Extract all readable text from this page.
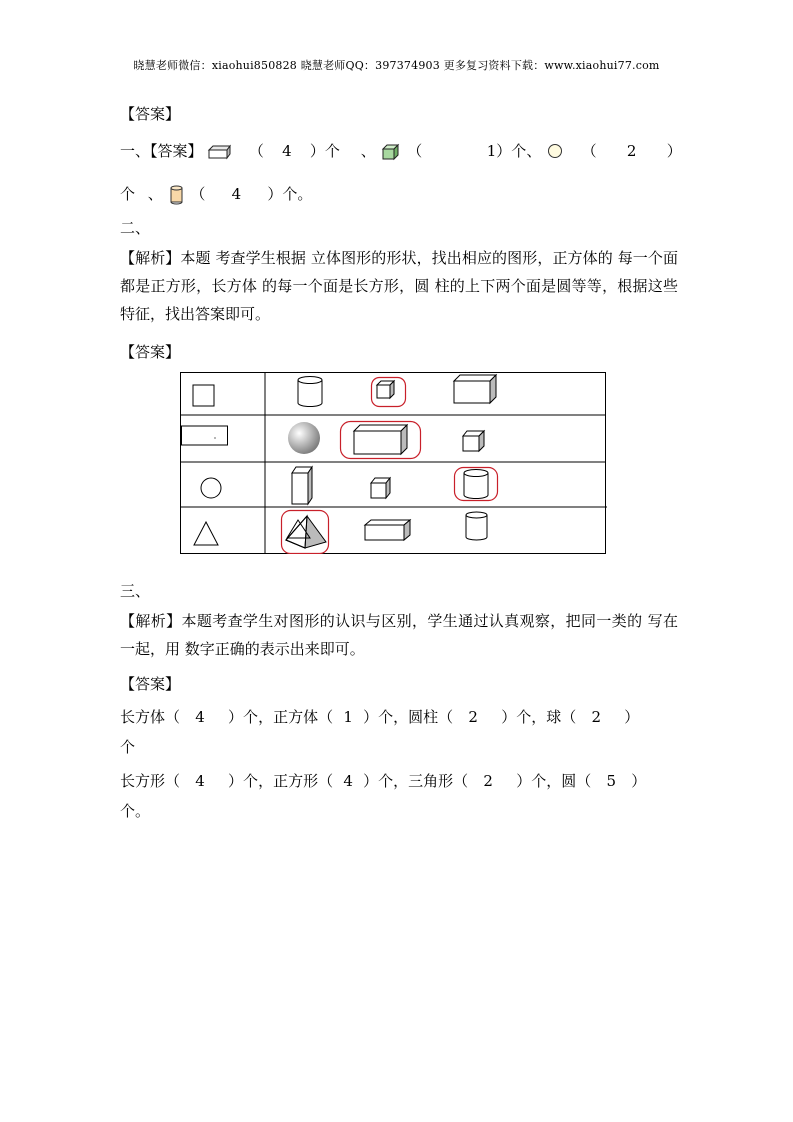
晓慧老师微信：xiaohui850828 晓慧老师QQ：397374903 更多复习资料下载：www.xiaohui77.com
【答案】
一、【答案】	（ 4 ）个 、 （	1）个、	（ 2 ）
个 、 （ 4 ）个。
二、
【解析】本题 考查学生根据 立体图形的形状，找出相应的图形，正方体的 每一个面都是正方形，长方体 的每一个面是长方形，圆 柱的上下两个面是圆等等，根据这些特征，找出答案即可。
【答案】
三、
【解析】本题考查学生对图形的认识与区别，学生通过认真观察，把同一类的 写在一起，用 数字正确的表示出来即可。
【答案】
长方体（ 4 ）个，正方体（ 1 ）个，圆柱（ 2 ）个，球（ 2 ）
个
长方形（ 4 ）个，正方形（ 4 ）个，三角形（ 2 ）个，圆（ 5 ）
个。
